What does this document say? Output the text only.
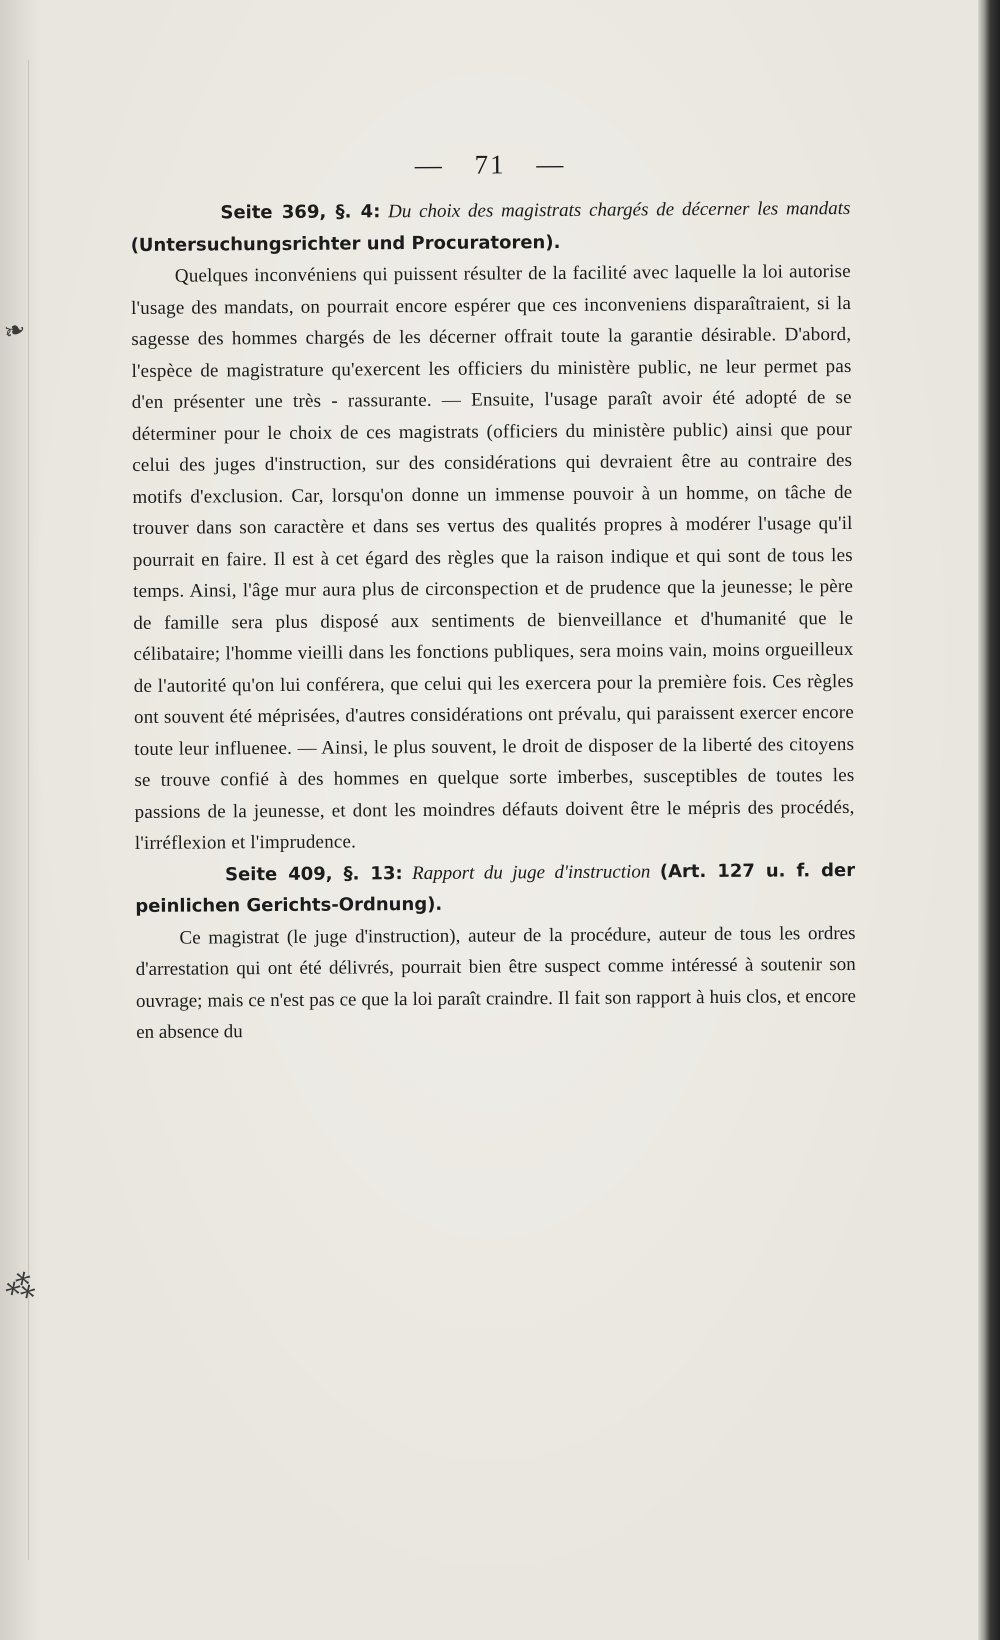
❧
⁂
— 71 —

Seite 369, §. 4: Du choix des magistrats chargés de décerner les mandats (Untersuchungsrichter und Procuratoren).

Quelques inconvéniens qui puissent résulter de la facilité avec laquelle la loi autorise l'usage des mandats, on pourrait encore espérer que ces inconveniens disparaîtraient, si la sagesse des hommes chargés de les décerner offrait toute la garantie désirable. D'abord, l'espèce de magistrature qu'exercent les officiers du ministère public, ne leur permet pas d'en présenter une très - rassurante. — Ensuite, l'usage paraît avoir été adopté de se déterminer pour le choix de ces magistrats (officiers du ministère public) ainsi que pour celui des juges d'instruction, sur des considérations qui devraient être au contraire des motifs d'exclusion. Car, lorsqu'on donne un immense pouvoir à un homme, on tâche de trouver dans son caractère et dans ses vertus des qualités propres à modérer l'usage qu'il pourrait en faire. Il est à cet égard des règles que la raison indique et qui sont de tous les temps. Ainsi, l'âge mur aura plus de circonspection et de prudence que la jeunesse; le père de famille sera plus disposé aux sentiments de bienveillance et d'humanité que le célibataire; l'homme vieilli dans les fonctions publiques, sera moins vain, moins orgueilleux de l'autorité qu'on lui conférera, que celui qui les exercera pour la première fois. Ces règles ont souvent été méprisées, d'autres considérations ont prévalu, qui paraissent exercer encore toute leur influenee. — Ainsi, le plus souvent, le droit de disposer de la liberté des citoyens se trouve confié à des hommes en quelque sorte imberbes, susceptibles de toutes les passions de la jeunesse, et dont les moindres défauts doivent être le mépris des procédés, l'irréflexion et l'imprudence.

Seite 409, §. 13: Rapport du juge d'instruction (Art. 127 u. f. der peinlichen Gerichts-Ordnung).

Ce magistrat (le juge d'instruction), auteur de la procédure, auteur de tous les ordres d'arrestation qui ont été délivrés, pourrait bien être suspect comme intéressé à soutenir son ouvrage; mais ce n'est pas ce que la loi paraît craindre. Il fait son rapport à huis clos, et encore en absence du
